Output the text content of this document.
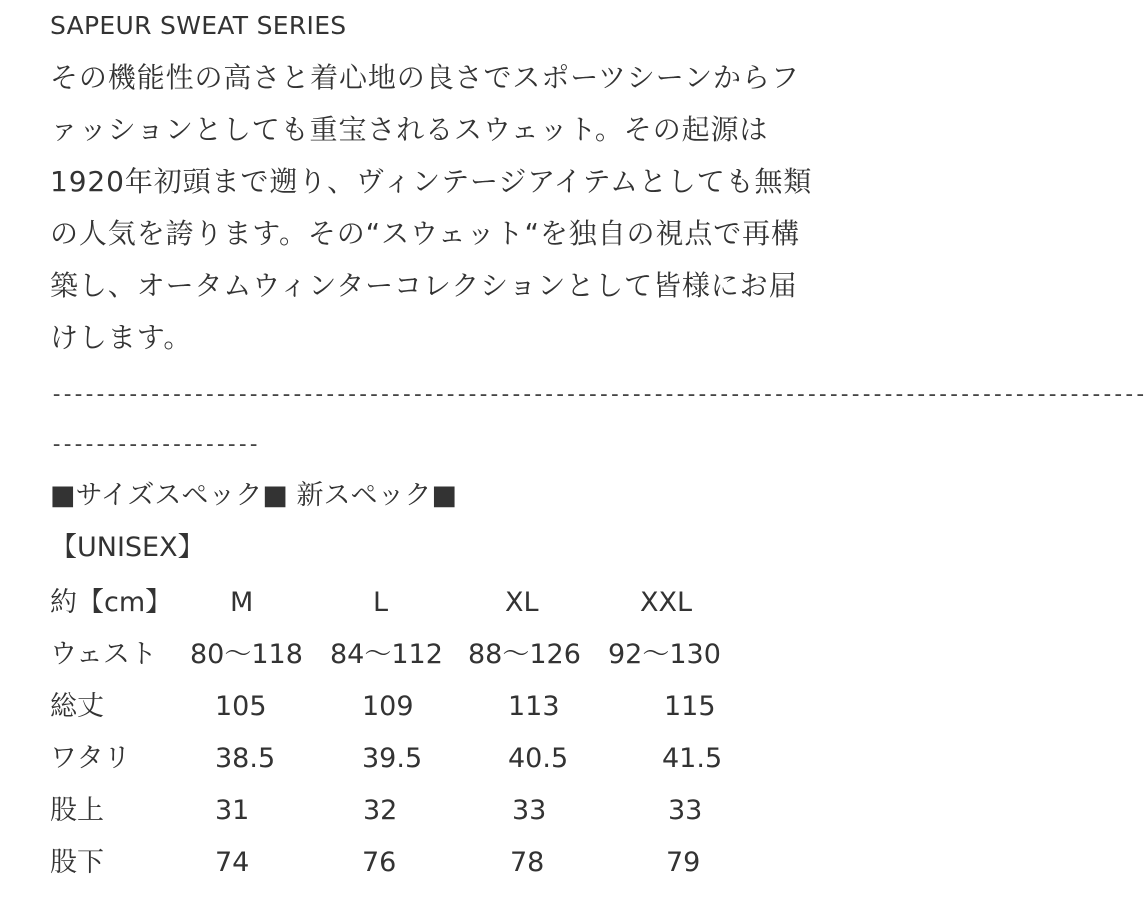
SAPEUR SWEAT SERIES
その機能性の高さと着心地の良さでスポーツシーンからフ
ァッションとしても重宝されるスウェット。その起源は
1920年初頭まで遡り、ヴィンテージアイテムとしても無類
の人気を誇ります。その“スウェット“を独自の視点で再構
築し、オータムウィンターコレクションとして皆様にお届
けします。
----------------------------------------------------------------------------------------------------
-------------------
■サイズスペック■ 新スペック■
【UNISEX】
約【cm】 M	L	XL	XXL
ウェスト 80〜118 84〜112 88〜126 92〜130
総丈	105	109	113	115
ワタリ	38.5	39.5	40.5	41.5
股上	31	32	33	33
股下	74	76	78	79
